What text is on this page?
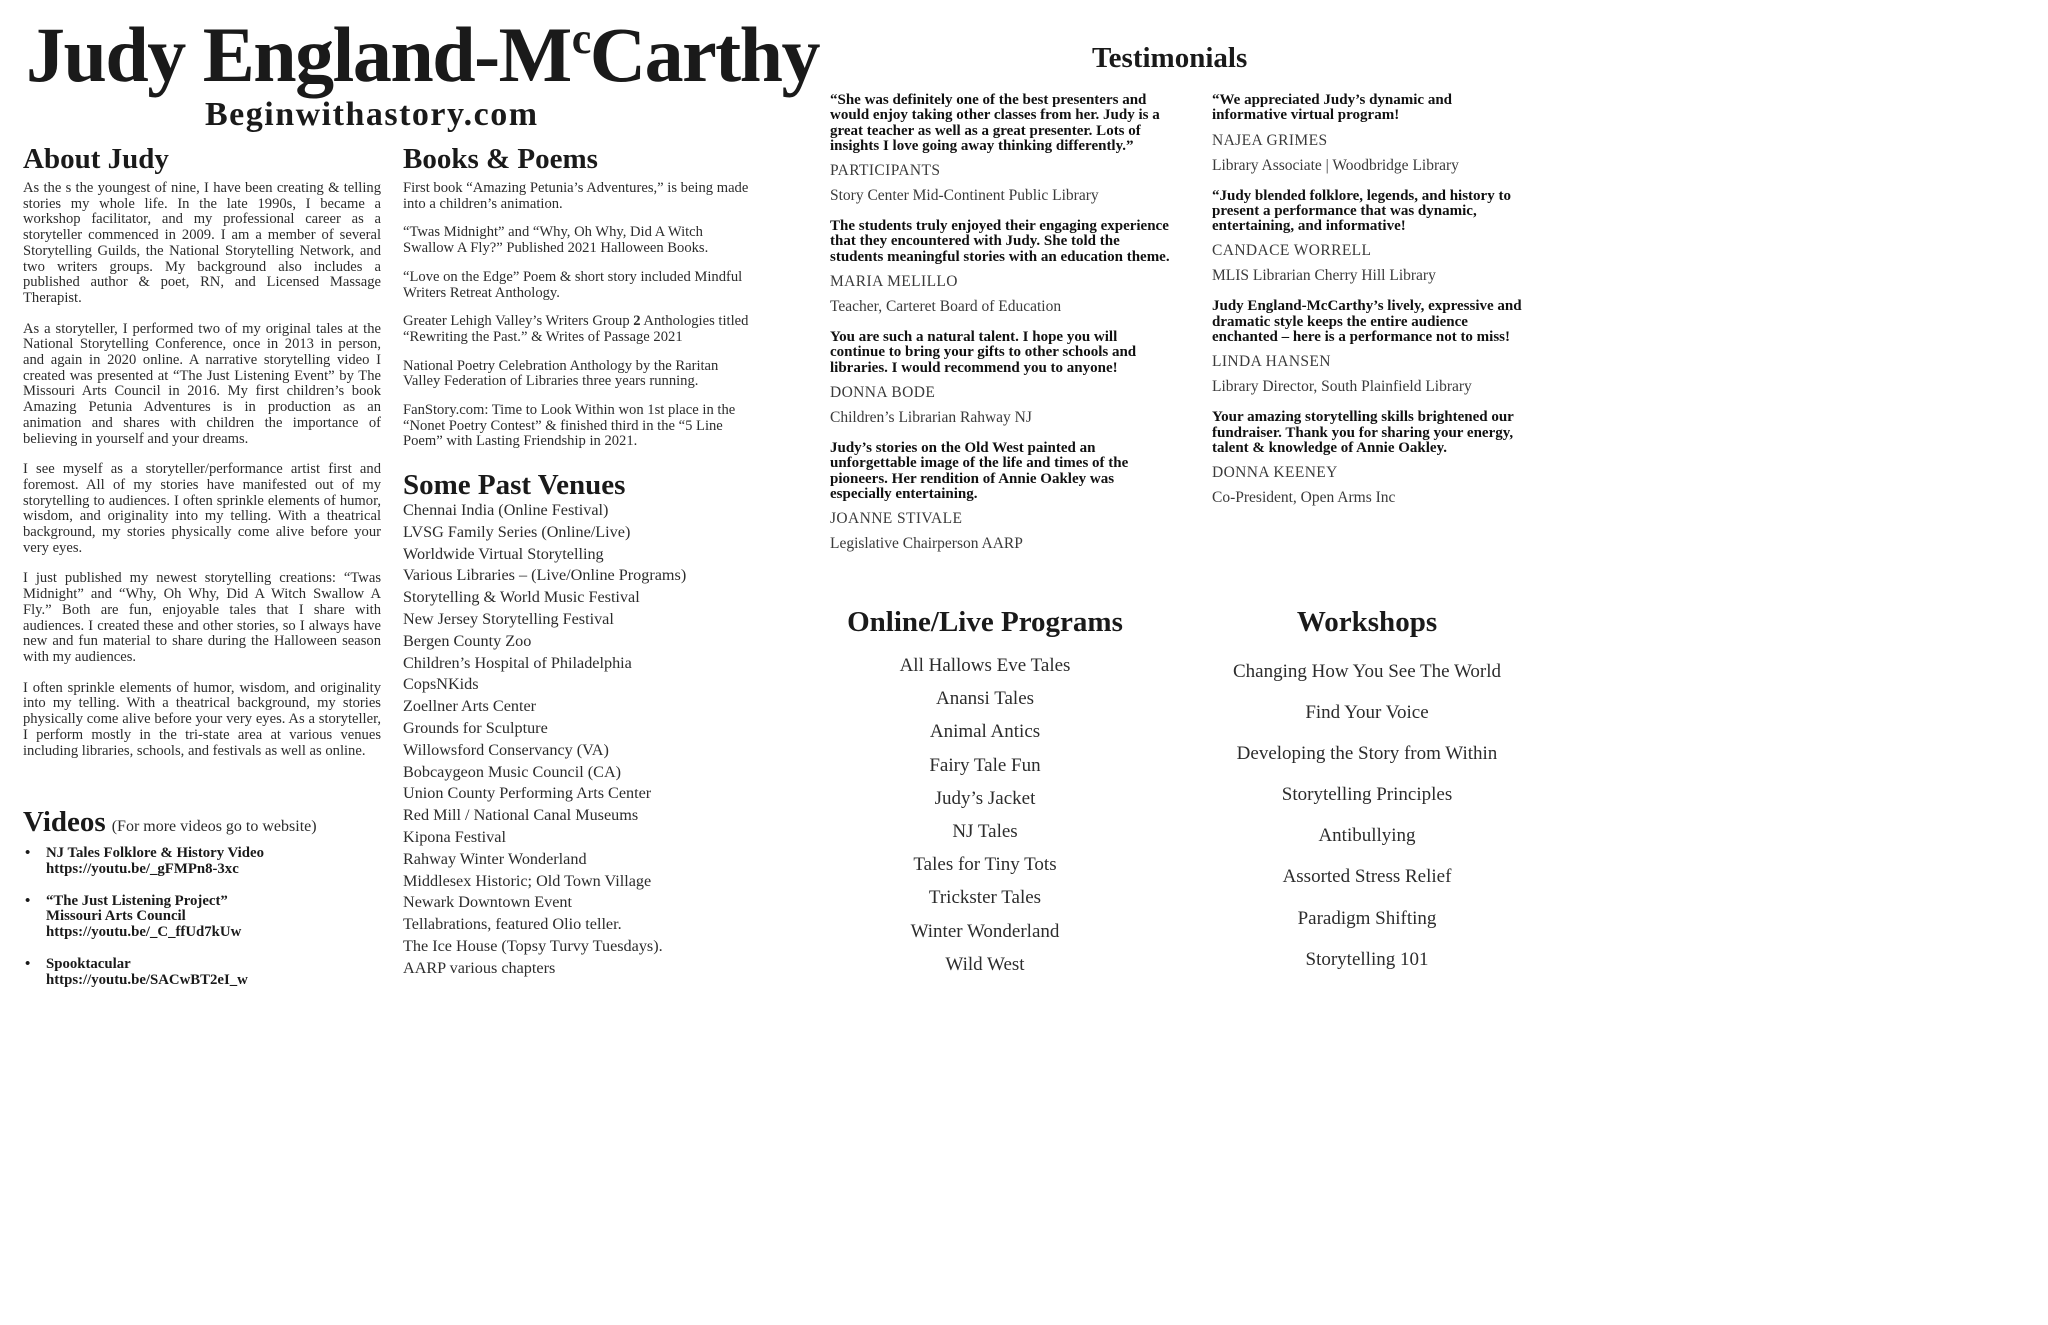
Judy England-$M^cCarthy$
Beginwithastory.com
About Judy

As the s the youngest of nine, I have been creating & telling stories my whole life. In the late 1990s, I became a workshop facilitator, and my professional career as a storyteller commenced in 2009. I am a member of several Storytelling Guilds, the National Storytelling Network, and two writers groups. My background also includes a published author & poet, RN, and Licensed Massage Therapist.

As a storyteller, I performed two of my original tales at the National Storytelling Conference, once in 2013 in person, and again in 2020 online. A narrative storytelling video I created was presented at “The Just Listening Event” by The Missouri Arts Council in 2016. My first children’s book Amazing Petunia Adventures is in production as an animation and shares with children the importance of believing in yourself and your dreams.

I see myself as a storyteller/performance artist first and foremost. All of my stories have manifested out of my storytelling to audiences. I often sprinkle elements of humor, wisdom, and originality into my telling. With a theatrical background, my stories physically come alive before your very eyes.

I just published my newest storytelling creations: “Twas Midnight” and “Why, Oh Why, Did A Witch Swallow A Fly.” Both are fun, enjoyable tales that I share with audiences. I created these and other stories, so I always have new and fun material to share during the Halloween season with my audiences.

I often sprinkle elements of humor, wisdom, and originality into my telling. With a theatrical background, my stories physically come alive before your very eyes. As a storyteller, I perform mostly in the tri-state area at various venues including libraries, schools, and festivals as well as online.

Videos (For more videos go to website)
• NJ Tales Folklore & History Video
https://youtu.be/_gFMPn8-3xc
• “The Just Listening Project”
Missouri Arts Council
https://youtu.be/_C_ffUd7kUw
• Spooktacular
https://youtu.be/SACwBT2eI_w
Books & Poems

First book “Amazing Petunia’s Adventures,” is being made into a children’s animation.

“Twas Midnight” and “Why, Oh Why, Did A Witch Swallow A Fly?” Published 2021 Halloween Books.

“Love on the Edge” Poem & short story included Mindful Writers Retreat Anthology.

Greater Lehigh Valley’s Writers Group 2 Anthologies titled “Rewriting the Past.” & Writes of Passage 2021

National Poetry Celebration Anthology by the Raritan Valley Federation of Libraries three years running.

FanStory.com: Time to Look Within won 1st place in the “Nonet Poetry Contest” & finished third in the “5 Line Poem” with Lasting Friendship in 2021.

Some Past Venues
Chennai India (Online Festival)
LVSG Family Series (Online/Live)
Worldwide Virtual Storytelling
Various Libraries – (Live/Online Programs)
Storytelling & World Music Festival
New Jersey Storytelling Festival
Bergen County Zoo
Children’s Hospital of Philadelphia
CopsNKids
Zoellner Arts Center
Grounds for Sculpture
Willowsford Conservancy (VA)
Bobcaygeon Music Council (CA)
Union County Performing Arts Center
Red Mill / National Canal Museums
Kipona Festival
Rahway Winter Wonderland
Middlesex Historic; Old Town Village
Newark Downtown Event
Tellabrations, featured Olio teller.
The Ice House (Topsy Turvy Tuesdays).
AARP various chapters
Testimonials
“She was definitely one of the best presenters and would enjoy taking other classes from her. Judy is a great teacher as well as a great presenter. Lots of insights I love going away thinking differently.”
PARTICIPANTS
Story Center Mid-Continent Public Library
The students truly enjoyed their engaging experience that they encountered with Judy. She told the students meaningful stories with an education theme.
MARIA MELILLO
Teacher, Carteret Board of Education
You are such a natural talent. I hope you will continue to bring your gifts to other schools and libraries. I would recommend you to anyone!
DONNA BODE
Children’s Librarian Rahway NJ
Judy’s stories on the Old West painted an unforgettable image of the life and times of the pioneers. Her rendition of Annie Oakley was especially entertaining.
JOANNE STIVALE
Legislative Chairperson AARP
“We appreciated Judy’s dynamic and informative virtual program!
NAJEA GRIMES
Library Associate | Woodbridge Library
“Judy blended folklore, legends, and history to present a performance that was dynamic, entertaining, and informative!
CANDACE WORRELL
MLIS Librarian Cherry Hill Library
Judy England-McCarthy’s lively, expressive and dramatic style keeps the entire audience enchanted – here is a performance not to miss!
LINDA HANSEN
Library Director, South Plainfield Library
Your amazing storytelling skills brightened our fundraiser. Thank you for sharing your energy, talent & knowledge of Annie Oakley.
DONNA KEENEY
Co-President, Open Arms Inc
Online/Live Programs
All Hallows Eve Tales
Anansi Tales
Animal Antics
Fairy Tale Fun
Judy’s Jacket
NJ Tales
Tales for Tiny Tots
Trickster Tales
Winter Wonderland
Wild West
Workshops
Changing How You See The World
Find Your Voice
Developing the Story from Within
Storytelling Principles
Antibullying
Assorted Stress Relief
Paradigm Shifting
Storytelling 101
